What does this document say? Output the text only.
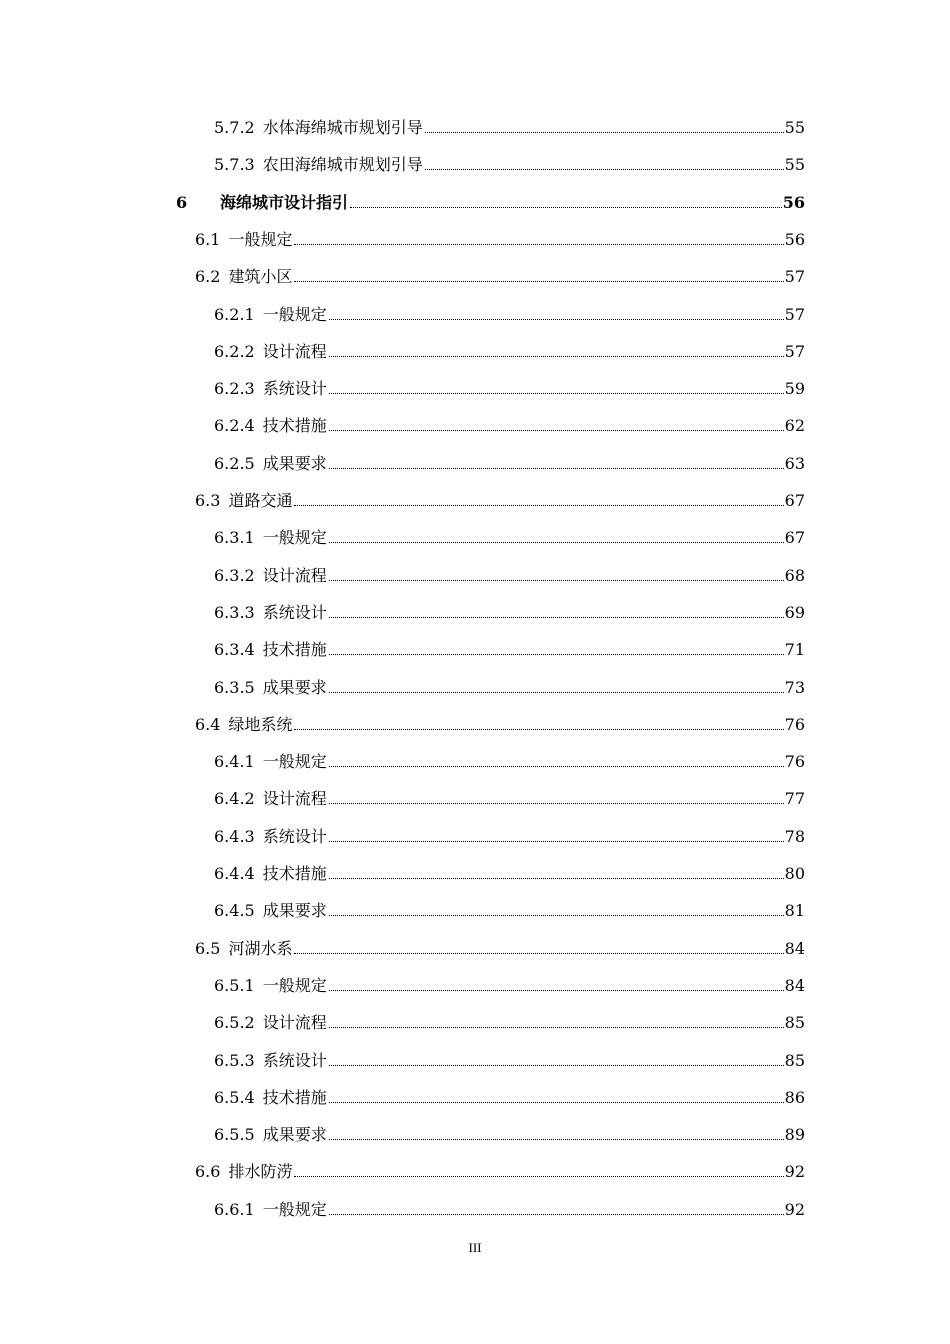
5.7.2 水体海绵城市规划引导	55
5.7.3 农田海绵城市规划引导	55
6	海绵城市设计指引	56
6.1 一般规定	56
6.2 建筑小区	57
6.2.1 一般规定	57
6.2.2 设计流程	57
6.2.3 系统设计	59
6.2.4 技术措施	62
6.2.5 成果要求	63
6.3 道路交通	67
6.3.1 一般规定	67
6.3.2 设计流程	68
6.3.3 系统设计	69
6.3.4 技术措施	71
6.3.5 成果要求	73
6.4 绿地系统	76
6.4.1 一般规定	76
6.4.2 设计流程	77
6.4.3 系统设计	78
6.4.4 技术措施	80
6.4.5 成果要求	81
6.5 河湖水系	84
6.5.1 一般规定	84
6.5.2 设计流程	85
6.5.3 系统设计	85
6.5.4 技术措施	86
6.5.5 成果要求	89
6.6 排水防涝	92
6.6.1 一般规定	92
III
